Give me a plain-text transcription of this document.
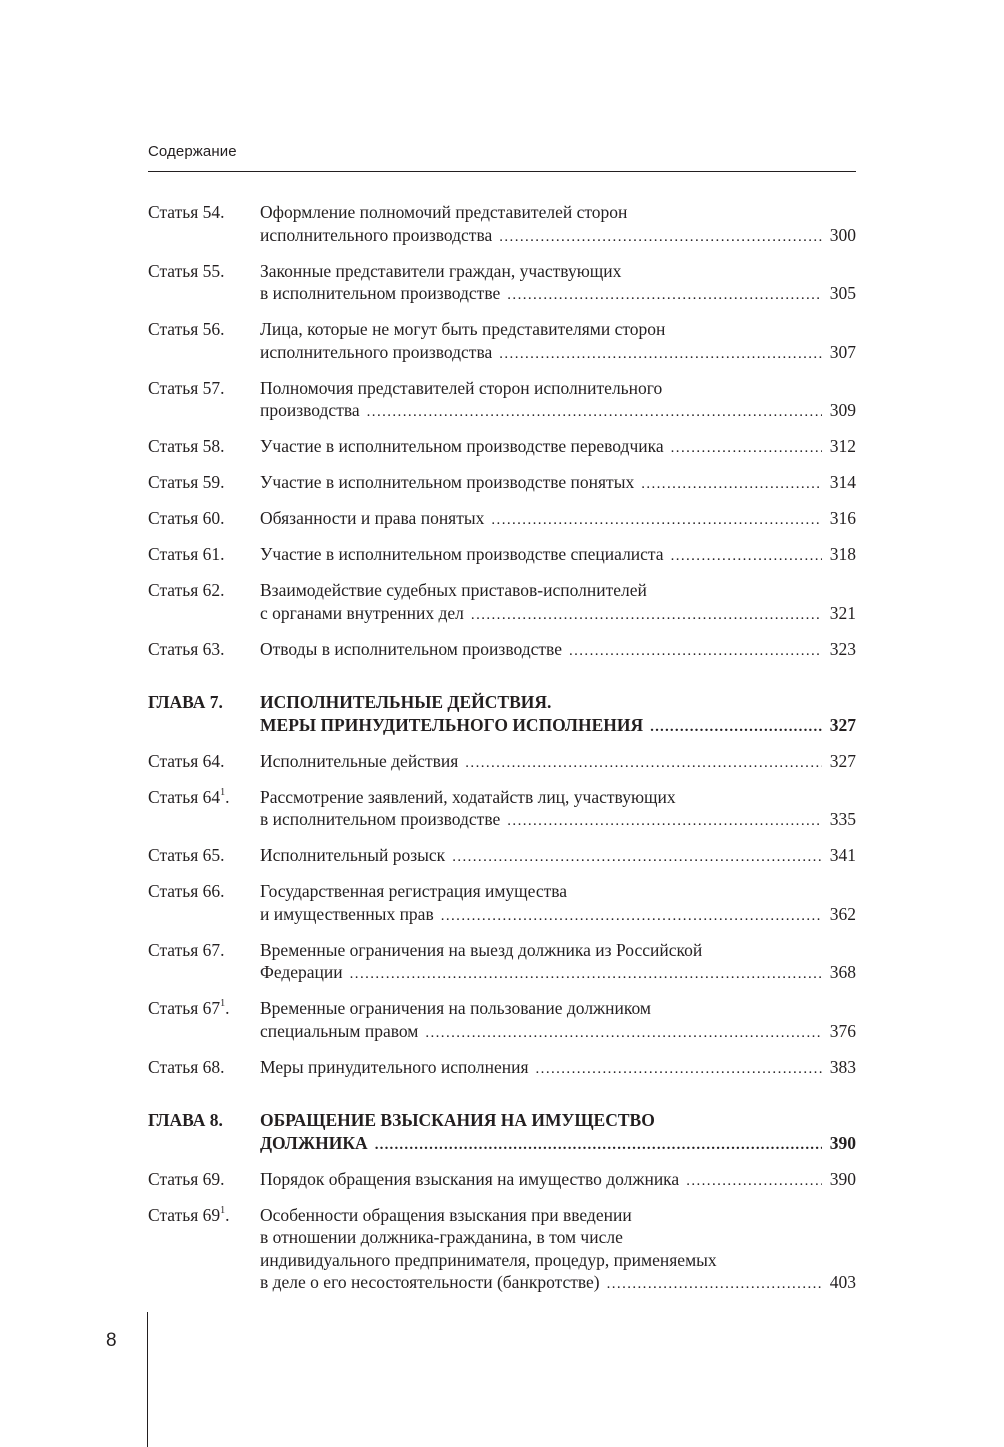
Содержание
Статья 54.	Оформление полномочий представителей сторон
исполнительного производства .....	300
Статья 55.	Законные представители граждан, участвующих
в исполнительном производстве .....	305
Статья 56.	Лица, которые не могут быть представителями сторон
исполнительного производства .....	307
Статья 57.	Полномочия представителей сторон исполнительного
производства .....	309
Статья 58.	Участие в исполнительном производстве переводчика .....	312
Статья 59.	Участие в исполнительном производстве понятых .....	314
Статья 60.	Обязанности и права понятых .....	316
Статья 61.	Участие в исполнительном производстве специалиста .....	318
Статья 62.	Взаимодействие судебных приставов-исполнителей
с органами внутренних дел .....	321
Статья 63.	Отводы в исполнительном производстве .....	323
ГЛАВА 7.	ИСПОЛНИТЕЛЬНЫЕ ДЕЙСТВИЯ.
МЕРЫ ПРИНУДИТЕЛЬНОГО ИСПОЛНЕНИЯ .....	327
Статья 64.	Исполнительные действия .....	327
Статья $64^1$.	Рассмотрение заявлений, ходатайств лиц, участвующих
в исполнительном производстве .....	335
Статья 65.	Исполнительный розыск .....	341
Статья 66.	Государственная регистрация имущества
и имущественных прав .....	362
Статья 67.	Временные ограничения на выезд должника из Российской
Федерации .....	368
Статья $67^1$.	Временные ограничения на пользование должником
специальным правом .....	376
Статья 68.	Меры принудительного исполнения .....	383
ГЛАВА 8.	ОБРАЩЕНИЕ ВЗЫСКАНИЯ НА ИМУЩЕСТВО
ДОЛЖНИКА .....	390
Статья 69.	Порядок обращения взыскания на имущество должника .....	390
Статья $69^1$.	Особенности обращения взыскания при введении
в отношении должника-гражданина, в том числе
индивидуального предпринимателя, процедур, применяемых
в деле о его несостоятельности (банкротстве) .....	403
8
